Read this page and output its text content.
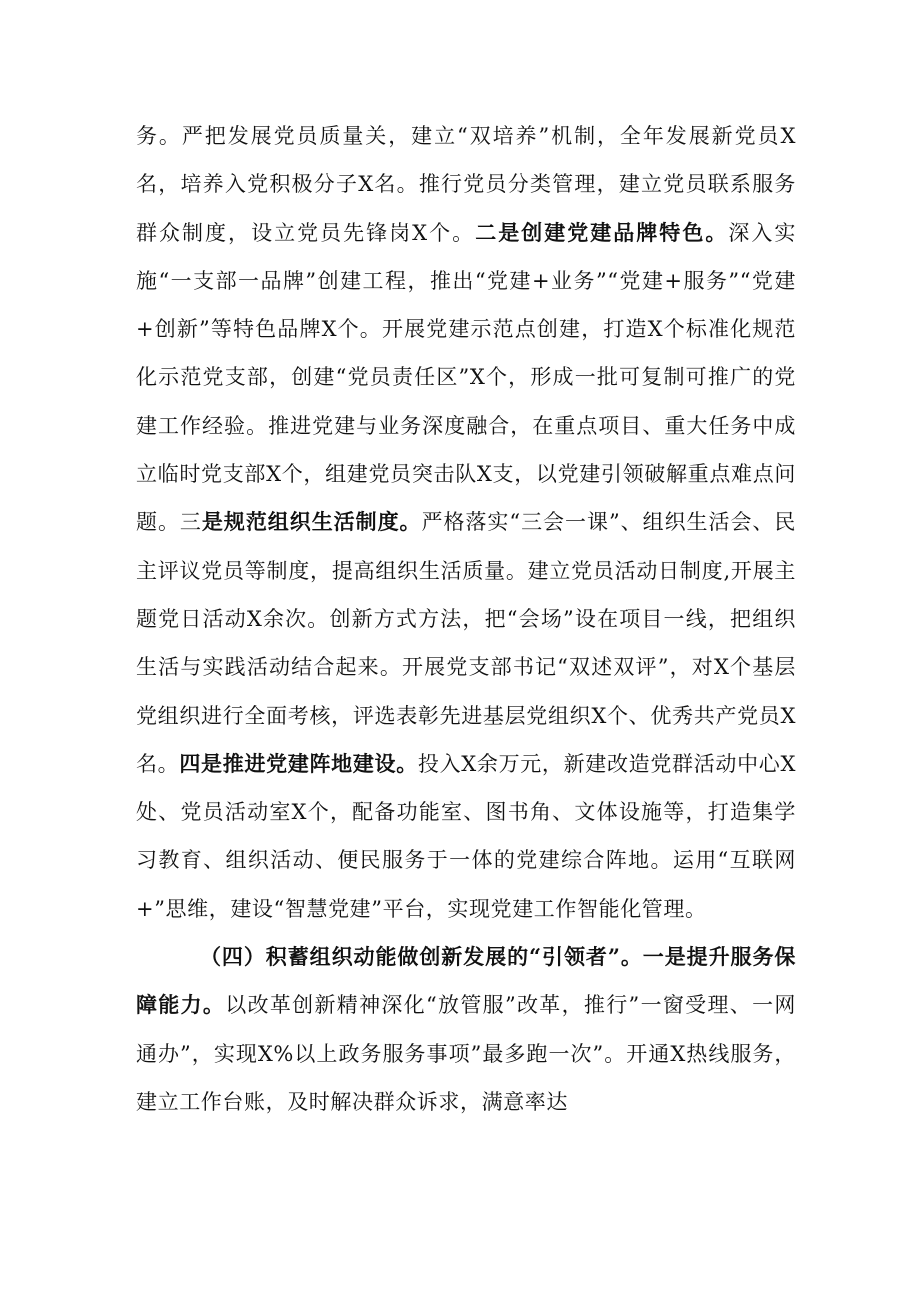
务。严把发展党员质量关，建立“双培养”机制，全年发展新党员X名，培养入党积极分子X名。推行党员分类管理，建立党员联系服务群众制度，设立党员先锋岗X个。二是创建党建品牌特色。深入实施“一支部一品牌”创建工程，推出“党建+业务”“党建+服务”“党建+创新”等特色品牌X个。开展党建示范点创建，打造X个标准化规范化示范党支部，创建“党员责任区”X个，形成一批可复制可推广的党建工作经验。推进党建与业务深度融合，在重点项目、重大任务中成立临时党支部X个，组建党员突击队X支，以党建引领破解重点难点问题。三是规范组织生活制度。严格落实“三会一课”、组织生活会、民主评议党员等制度，提高组织生活质量。建立党员活动日制度,开展主题党日活动X余次。创新方式方法，把“会场”设在项目一线，把组织生活与实践活动结合起来。开展党支部书记“双述双评”，对X个基层党组织进行全面考核，评选表彰先进基层党组织X个、优秀共产党员X名。四是推进党建阵地建设。投入X余万元，新建改造党群活动中心X处、党员活动室X个，配备功能室、图书角、文体设施等，打造集学习教育、组织活动、便民服务于一体的党建综合阵地。运用“互联网+”思维，建设“智慧党建”平台，实现党建工作智能化管理。

（四）积蓄组织动能做创新发展的“引领者”。一是提升服务保障能力。以改革创新精神深化“放管服”改革，推行”一窗受理、一网通办”，实现X%以上政务服务事项”最多跑一次”。开通X热线服务，建立工作台账，及时解决群众诉求，满意率达
